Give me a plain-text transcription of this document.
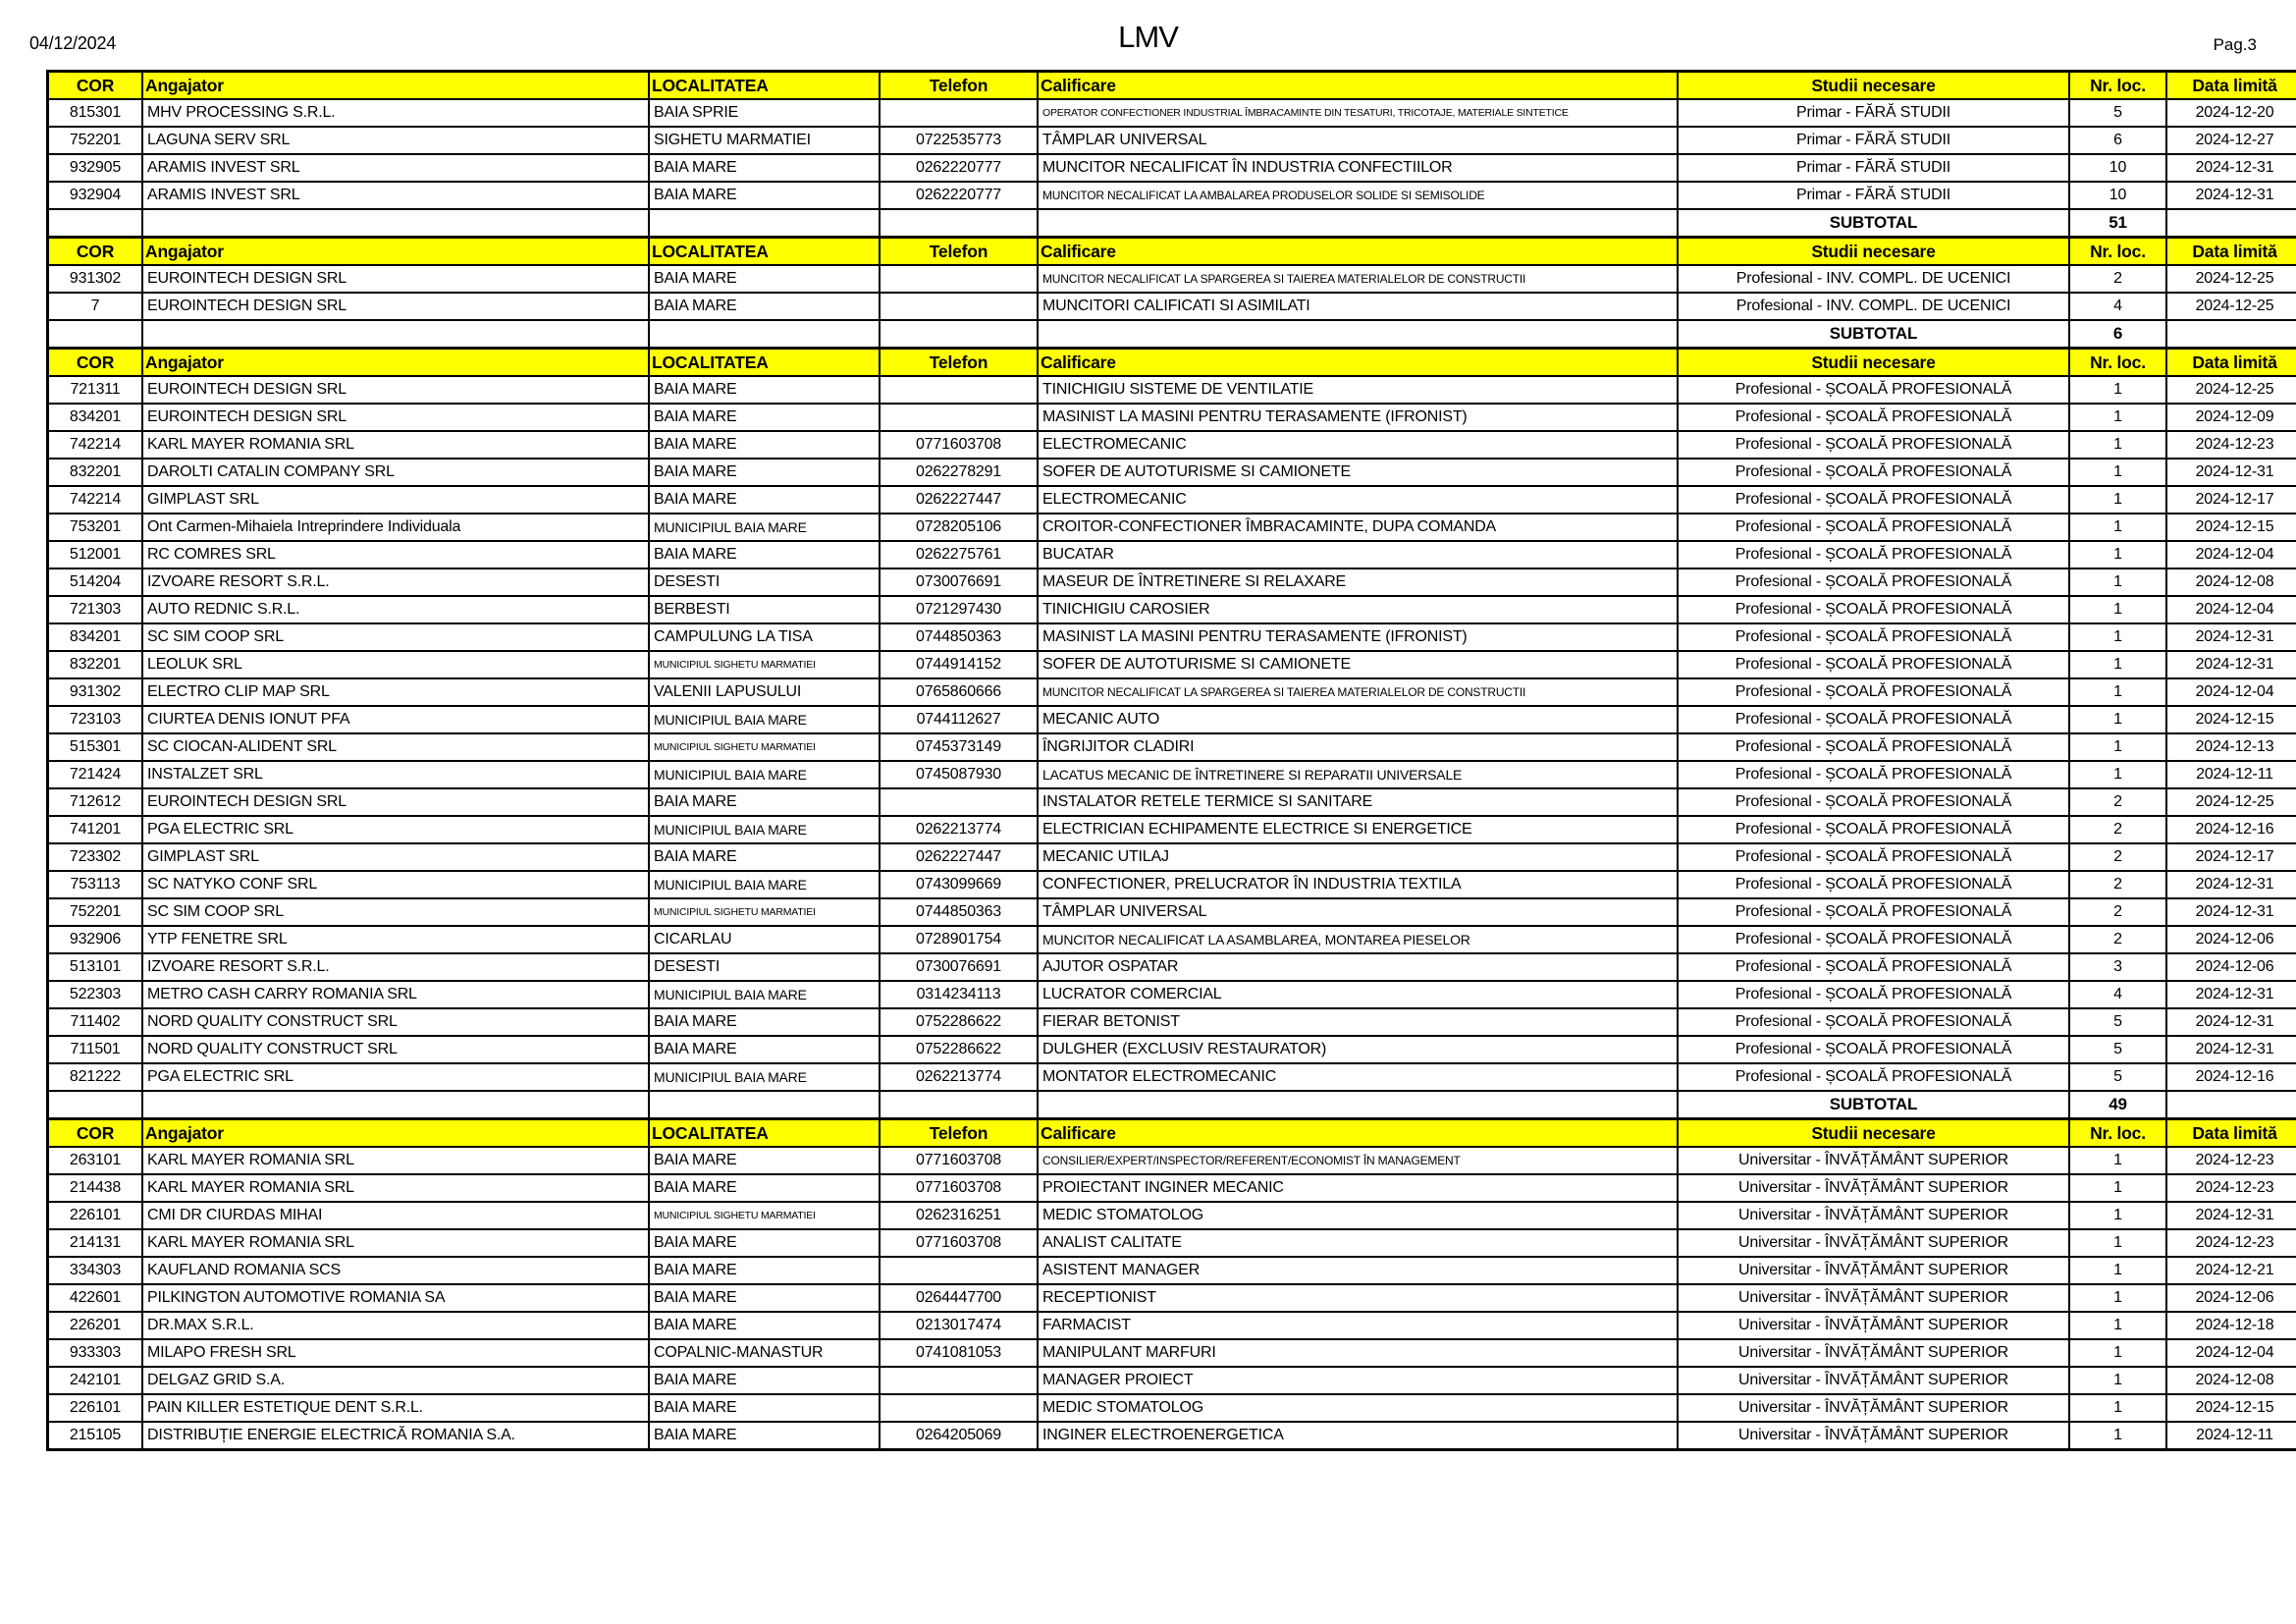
04/12/2024	LMV	Pag.3
COR	Angajator	LOCALITATEA	Telefon	Calificare	Studii necesare	Nr. loc.	Data limită
815301	MHV PROCESSING S.R.L.	BAIA SPRIE		OPERATOR CONFECTIONER INDUSTRIAL ÎMBRACAMINTE DIN TESATURI, TRICOTAJE, MATERIALE SINTETICE	Primar - FĂRĂ STUDII	5	2024-12-20
752201	LAGUNA SERV SRL	SIGHETU MARMATIEI	0722535773	TÂMPLAR UNIVERSAL	Primar - FĂRĂ STUDII	6	2024-12-27
932905	ARAMIS INVEST SRL	BAIA MARE	0262220777	MUNCITOR NECALIFICAT ÎN INDUSTRIA CONFECTIILOR	Primar - FĂRĂ STUDII	10	2024-12-31
932904	ARAMIS INVEST SRL	BAIA MARE	0262220777	MUNCITOR NECALIFICAT LA AMBALAREA PRODUSELOR SOLIDE SI SEMISOLIDE	Primar - FĂRĂ STUDII	10	2024-12-31
					SUBTOTAL	51	
COR	Angajator	LOCALITATEA	Telefon	Calificare	Studii necesare	Nr. loc.	Data limită
931302	EUROINTECH DESIGN SRL	BAIA MARE		MUNCITOR NECALIFICAT LA SPARGEREA SI TAIEREA MATERIALELOR DE CONSTRUCTII	Profesional - INV. COMPL. DE UCENICI	2	2024-12-25
7	EUROINTECH DESIGN SRL	BAIA MARE		MUNCITORI CALIFICATI SI ASIMILATI	Profesional - INV. COMPL. DE UCENICI	4	2024-12-25
					SUBTOTAL	6	
COR	Angajator	LOCALITATEA	Telefon	Calificare	Studii necesare	Nr. loc.	Data limită
721311	EUROINTECH DESIGN SRL	BAIA MARE		TINICHIGIU SISTEME DE VENTILATIE	Profesional - ȘCOALĂ PROFESIONALĂ	1	2024-12-25
834201	EUROINTECH DESIGN SRL	BAIA MARE		MASINIST LA MASINI PENTRU TERASAMENTE (IFRONIST)	Profesional - ȘCOALĂ PROFESIONALĂ	1	2024-12-09
742214	KARL MAYER ROMANIA SRL	BAIA MARE	0771603708	ELECTROMECANIC	Profesional - ȘCOALĂ PROFESIONALĂ	1	2024-12-23
832201	DAROLTI CATALIN COMPANY SRL	BAIA MARE	0262278291	SOFER DE AUTOTURISME SI CAMIONETE	Profesional - ȘCOALĂ PROFESIONALĂ	1	2024-12-31
742214	GIMPLAST SRL	BAIA MARE	0262227447	ELECTROMECANIC	Profesional - ȘCOALĂ PROFESIONALĂ	1	2024-12-17
753201	Ont Carmen-Mihaiela Intreprindere Individuala	MUNICIPIUL BAIA MARE	0728205106	CROITOR-CONFECTIONER ÎMBRACAMINTE, DUPA COMANDA	Profesional - ȘCOALĂ PROFESIONALĂ	1	2024-12-15
512001	RC COMRES SRL	BAIA MARE	0262275761	BUCATAR	Profesional - ȘCOALĂ PROFESIONALĂ	1	2024-12-04
514204	IZVOARE RESORT S.R.L.	DESESTI	0730076691	MASEUR DE ÎNTRETINERE SI RELAXARE	Profesional - ȘCOALĂ PROFESIONALĂ	1	2024-12-08
721303	AUTO REDNIC S.R.L.	BERBESTI	0721297430	TINICHIGIU CAROSIER	Profesional - ȘCOALĂ PROFESIONALĂ	1	2024-12-04
834201	SC SIM COOP SRL	CAMPULUNG LA TISA	0744850363	MASINIST LA MASINI PENTRU TERASAMENTE (IFRONIST)	Profesional - ȘCOALĂ PROFESIONALĂ	1	2024-12-31
832201	LEOLUK SRL	MUNICIPIUL SIGHETU MARMATIEI	0744914152	SOFER DE AUTOTURISME SI CAMIONETE	Profesional - ȘCOALĂ PROFESIONALĂ	1	2024-12-31
931302	ELECTRO CLIP MAP SRL	VALENII LAPUSULUI	0765860666	MUNCITOR NECALIFICAT LA SPARGEREA SI TAIEREA MATERIALELOR DE CONSTRUCTII	Profesional - ȘCOALĂ PROFESIONALĂ	1	2024-12-04
723103	CIURTEA DENIS IONUT PFA	MUNICIPIUL BAIA MARE	0744112627	MECANIC AUTO	Profesional - ȘCOALĂ PROFESIONALĂ	1	2024-12-15
515301	SC CIOCAN-ALIDENT SRL	MUNICIPIUL SIGHETU MARMATIEI	0745373149	ÎNGRIJITOR CLADIRI	Profesional - ȘCOALĂ PROFESIONALĂ	1	2024-12-13
721424	INSTALZET SRL	MUNICIPIUL BAIA MARE	0745087930	LACATUS MECANIC DE ÎNTRETINERE SI REPARATII UNIVERSALE	Profesional - ȘCOALĂ PROFESIONALĂ	1	2024-12-11
712612	EUROINTECH DESIGN SRL	BAIA MARE		INSTALATOR RETELE TERMICE SI SANITARE	Profesional - ȘCOALĂ PROFESIONALĂ	2	2024-12-25
741201	PGA ELECTRIC SRL	MUNICIPIUL BAIA MARE	0262213774	ELECTRICIAN ECHIPAMENTE ELECTRICE SI ENERGETICE	Profesional - ȘCOALĂ PROFESIONALĂ	2	2024-12-16
723302	GIMPLAST SRL	BAIA MARE	0262227447	MECANIC UTILAJ	Profesional - ȘCOALĂ PROFESIONALĂ	2	2024-12-17
753113	SC NATYKO CONF SRL	MUNICIPIUL BAIA MARE	0743099669	CONFECTIONER, PRELUCRATOR ÎN INDUSTRIA TEXTILA	Profesional - ȘCOALĂ PROFESIONALĂ	2	2024-12-31
752201	SC SIM COOP SRL	MUNICIPIUL SIGHETU MARMATIEI	0744850363	TÂMPLAR UNIVERSAL	Profesional - ȘCOALĂ PROFESIONALĂ	2	2024-12-31
932906	YTP FENETRE SRL	CICARLAU	0728901754	MUNCITOR NECALIFICAT LA ASAMBLAREA, MONTAREA PIESELOR	Profesional - ȘCOALĂ PROFESIONALĂ	2	2024-12-06
513101	IZVOARE RESORT S.R.L.	DESESTI	0730076691	AJUTOR OSPATAR	Profesional - ȘCOALĂ PROFESIONALĂ	3	2024-12-06
522303	METRO CASH CARRY ROMANIA SRL	MUNICIPIUL BAIA MARE	0314234113	LUCRATOR COMERCIAL	Profesional - ȘCOALĂ PROFESIONALĂ	4	2024-12-31
711402	NORD QUALITY CONSTRUCT SRL	BAIA MARE	0752286622	FIERAR BETONIST	Profesional - ȘCOALĂ PROFESIONALĂ	5	2024-12-31
711501	NORD QUALITY CONSTRUCT SRL	BAIA MARE	0752286622	DULGHER (EXCLUSIV RESTAURATOR)	Profesional - ȘCOALĂ PROFESIONALĂ	5	2024-12-31
821222	PGA ELECTRIC SRL	MUNICIPIUL BAIA MARE	0262213774	MONTATOR ELECTROMECANIC	Profesional - ȘCOALĂ PROFESIONALĂ	5	2024-12-16
					SUBTOTAL	49	
COR	Angajator	LOCALITATEA	Telefon	Calificare	Studii necesare	Nr. loc.	Data limită
263101	KARL MAYER ROMANIA SRL	BAIA MARE	0771603708	CONSILIER/EXPERT/INSPECTOR/REFERENT/ECONOMIST ÎN MANAGEMENT	Universitar - ÎNVĂȚĂMÂNT SUPERIOR	1	2024-12-23
214438	KARL MAYER ROMANIA SRL	BAIA MARE	0771603708	PROIECTANT INGINER MECANIC	Universitar - ÎNVĂȚĂMÂNT SUPERIOR	1	2024-12-23
226101	CMI DR CIURDAS MIHAI	MUNICIPIUL SIGHETU MARMATIEI	0262316251	MEDIC STOMATOLOG	Universitar - ÎNVĂȚĂMÂNT SUPERIOR	1	2024-12-31
214131	KARL MAYER ROMANIA SRL	BAIA MARE	0771603708	ANALIST CALITATE	Universitar - ÎNVĂȚĂMÂNT SUPERIOR	1	2024-12-23
334303	KAUFLAND ROMANIA SCS	BAIA MARE		ASISTENT MANAGER	Universitar - ÎNVĂȚĂMÂNT SUPERIOR	1	2024-12-21
422601	PILKINGTON AUTOMOTIVE ROMANIA SA	BAIA MARE	0264447700	RECEPTIONIST	Universitar - ÎNVĂȚĂMÂNT SUPERIOR	1	2024-12-06
226201	DR.MAX S.R.L.	BAIA MARE	0213017474	FARMACIST	Universitar - ÎNVĂȚĂMÂNT SUPERIOR	1	2024-12-18
933303	MILAPO FRESH SRL	COPALNIC-MANASTUR	0741081053	MANIPULANT MARFURI	Universitar - ÎNVĂȚĂMÂNT SUPERIOR	1	2024-12-04
242101	DELGAZ GRID S.A.	BAIA MARE		MANAGER PROIECT	Universitar - ÎNVĂȚĂMÂNT SUPERIOR	1	2024-12-08
226101	PAIN KILLER ESTETIQUE DENT S.R.L.	BAIA MARE		MEDIC STOMATOLOG	Universitar - ÎNVĂȚĂMÂNT SUPERIOR	1	2024-12-15
215105	DISTRIBUȚIE ENERGIE ELECTRICĂ ROMANIA S.A.	BAIA MARE	0264205069	INGINER ELECTROENERGETICA	Universitar - ÎNVĂȚĂMÂNT SUPERIOR	1	2024-12-11
